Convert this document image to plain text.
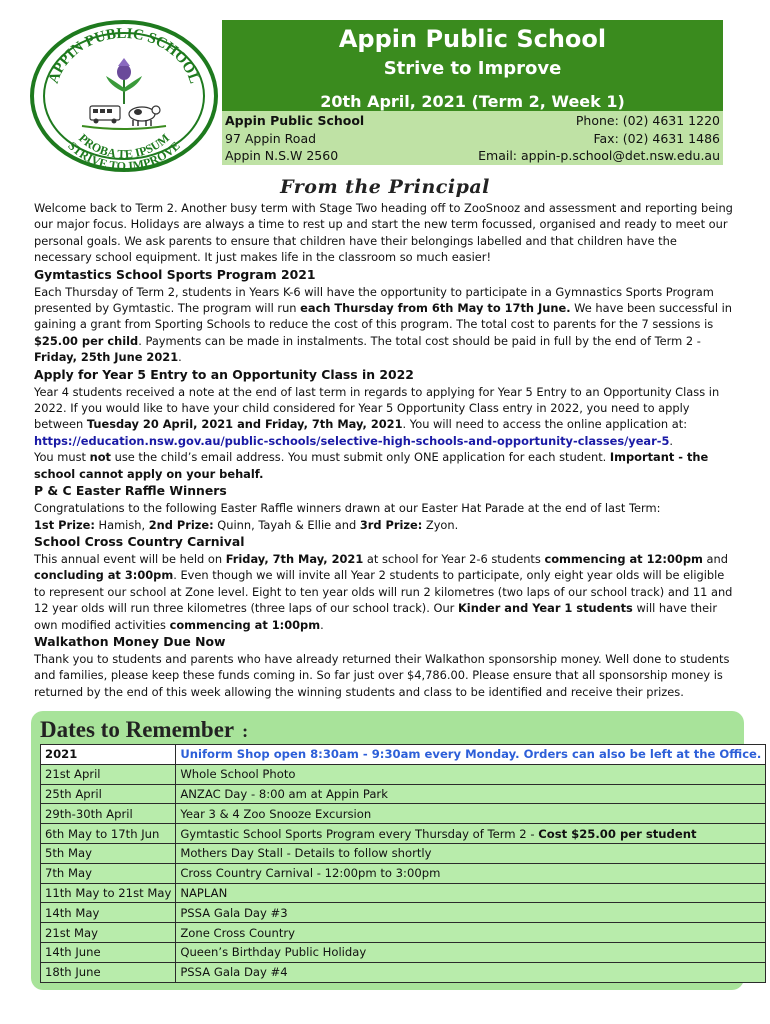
APPIN PUBLIC SCHOOL
PROBA TE IPSUM
STRIVE TO IMPROVE
Appin Public School
Strive to Improve
20th April, 2021 (Term 2, Week 1)
Appin Public School
97 Appin Road
Appin N.S.W 2560
Phone: (02) 4631 1220
Fax: (02) 4631 1486
Email: appin-p.school@det.nsw.edu.au
From the Principal

Welcome back to Term 2. Another busy term with Stage Two heading off to ZooSnooz and assessment and reporting being our major focus. Holidays are always a time to rest up and start the new term focussed, organised and ready to meet our personal goals. We ask parents to ensure that children have their belongings labelled and that children have the necessary school equipment. It just makes life in the classroom so much easier!

Gymtastics School Sports Program 2021

Each Thursday of Term 2, students in Years K-6 will have the opportunity to participate in a Gymnastics Sports Program presented by Gymtastic. The program will run each Thursday from 6th May to 17th June. We have been successful in gaining a grant from Sporting Schools to reduce the cost of this program. The total cost to parents for the 7 sessions is $25.00 per child. Payments can be made in instalments. The total cost should be paid in full by the end of Term 2 - Friday, 25th June 2021.

Apply for Year 5 Entry to an Opportunity Class in 2022

Year 4 students received a note at the end of last term in regards to applying for Year 5 Entry to an Opportunity Class in 2022. If you would like to have your child considered for Year 5 Opportunity Class entry in 2022, you need to apply between Tuesday 20 April, 2021 and Friday, 7th May, 2021. You will need to access the online application at:
https://education.nsw.gov.au/public-schools/selective-high-schools-and-opportunity-classes/year-5.
You must not use the child’s email address. You must submit only ONE application for each student. Important - the school cannot apply on your behalf.

P & C Easter Raffle Winners

Congratulations to the following Easter Raffle winners drawn at our Easter Hat Parade at the end of last Term:
1st Prize: Hamish, 2nd Prize: Quinn, Tayah & Ellie and 3rd Prize: Zyon.

School Cross Country Carnival

This annual event will be held on Friday, 7th May, 2021 at school for Year 2-6 students commencing at 12:00pm and concluding at 3:00pm. Even though we will invite all Year 2 students to participate, only eight year olds will be eligible to represent our school at Zone level. Eight to ten year olds will run 2 kilometres (two laps of our school track) and 11 and 12 year olds will run three kilometres (three laps of our school track). Our Kinder and Year 1 students will have their own modified activities commencing at 1:00pm.

Walkathon Money Due Now

Thank you to students and parents who have already returned their Walkathon sponsorship money. Well done to students and families, please keep these funds coming in. So far just over $4,786.00. Please ensure that all sponsorship money is returned by the end of this week allowing the winning students and class to be identified and receive their prizes.

Dates to Remember :
2021	Uniform Shop open 8:30am - 9:30am every Monday. Orders can also be left at the Office.
21st April	Whole School Photo
25th April	ANZAC Day - 8:00 am at Appin Park
29th-30th April	Year 3 & 4 Zoo Snooze Excursion
6th May to 17th Jun	Gymtastic School Sports Program every Thursday of Term 2 - Cost $25.00 per student
5th May	Mothers Day Stall - Details to follow shortly
7th May	Cross Country Carnival - 12:00pm to 3:00pm
11th May to 21st May	NAPLAN
14th May	PSSA Gala Day #3
21st May	Zone Cross Country
14th June	Queen’s Birthday Public Holiday
18th June	PSSA Gala Day #4
